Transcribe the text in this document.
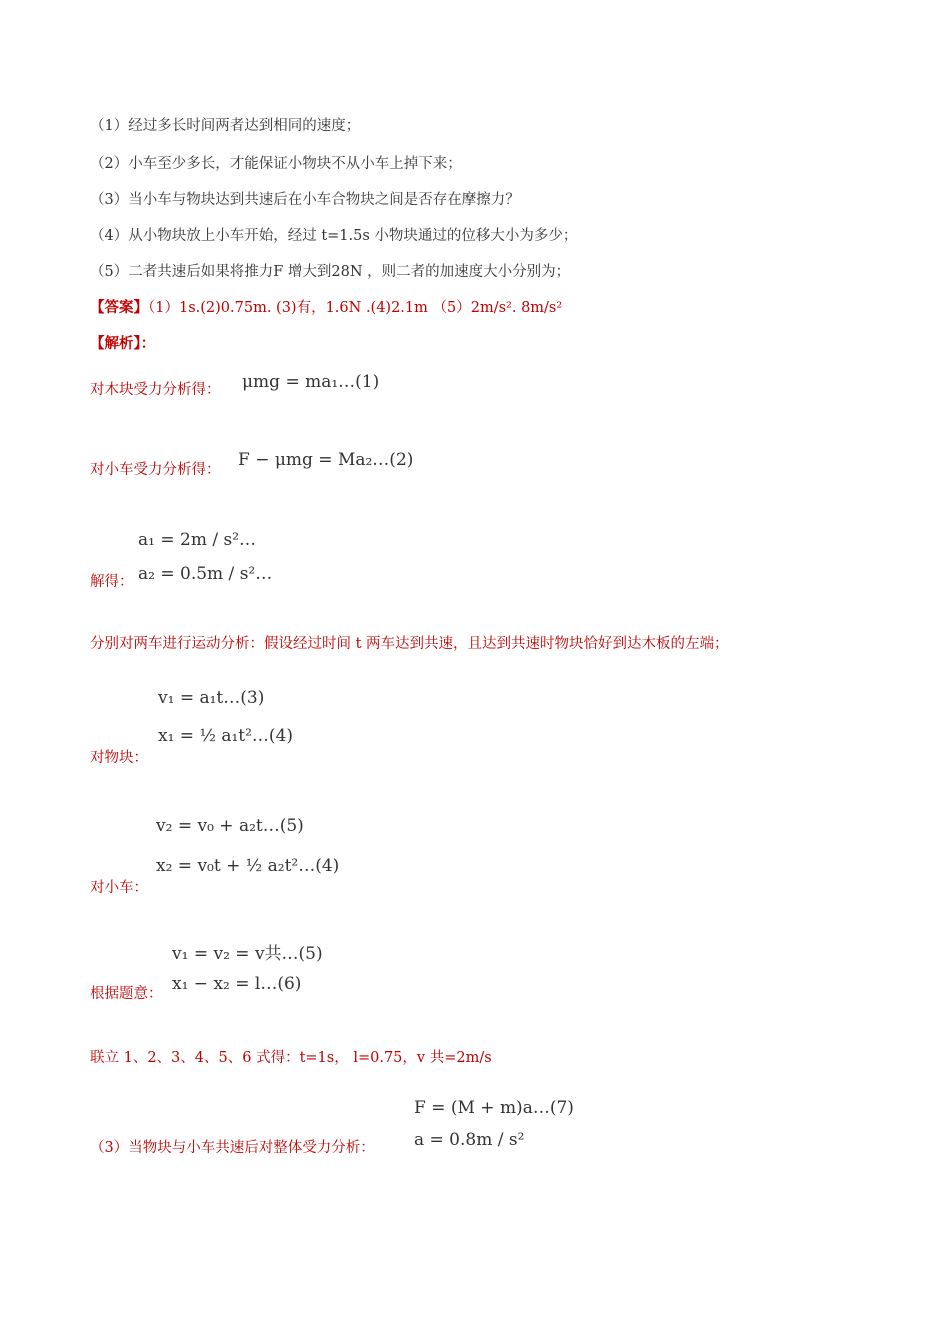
（1）经过多长时间两者达到相同的速度；
（2）小车至少多长，才能保证小物块不从小车上掉下来；
（3）当小车与物块达到共速后在小车合物块之间是否存在摩擦力？
（4）从小物块放上小车开始，经过 t=1.5s 小物块通过的位移大小为多少；
（5）二者共速后如果将推力F 增大到28N ，则二者的加速度大小分别为；
【答案】（1）1s.(2)0.75m. (3)有，1.6N .(4)2.1m （5）2m/s². 8m/s²
【解析】：
对木块受力分析得： μmg = ma₁…(1)
对小车受力分析得： F − μmg = Ma₂…(2)
a₁ = 2m / s²…
a₂ = 0.5m / s²…
解得：
分别对两车进行运动分析：假设经过时间 t 两车达到共速，且达到共速时物块恰好到达木板的左端；
v₁ = a₁t…(3)
x₁ = ½ a₁t²…(4)
对物块：
v₂ = v₀ + a₂t…(5)
x₂ = v₀t + ½ a₂t²…(4)
对小车：
v₁ = v₂ = v共…(5)
x₁ − x₂ = l…(6)
根据题意：
联立 1、2、3、4、5、6 式得：t=1s， l=0.75，v 共=2m/s
F = (M + m)a…(7)
a = 0.8m / s²
（3）当物块与小车共速后对整体受力分析：
